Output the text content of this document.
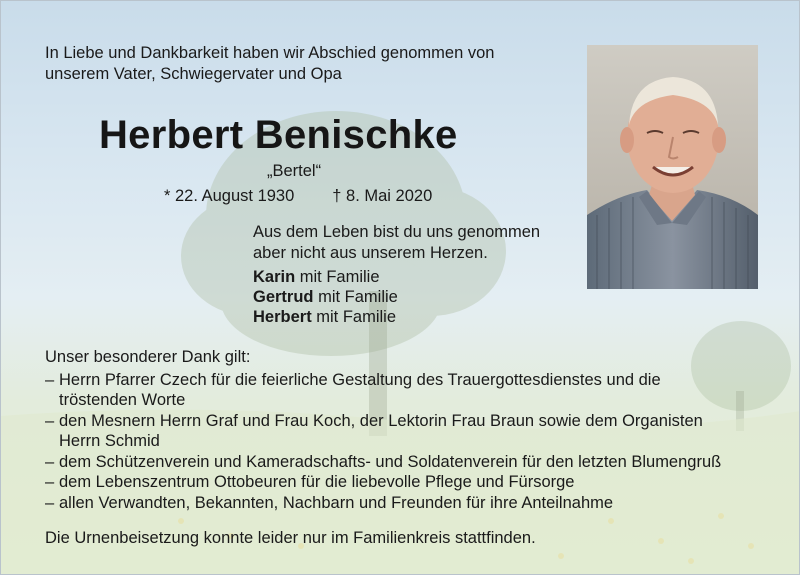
In Liebe und Dankbarkeit haben wir Abschied genommen von
unserem Vater, Schwiegervater und Opa
Herbert Benischke
„Bertel“
* 22. August 1930 † 8. Mai 2020
Aus dem Leben bist du uns genommen
aber nicht aus unserem Herzen.
Karin mit Familie
Gertrud mit Familie
Herbert mit Familie
Unser besonderer Dank gilt:
– Herrn Pfarrer Czech für die feierliche Gestaltung des Trauergottesdienstes und die
tröstenden Worte
– den Mesnern Herrn Graf und Frau Koch, der Lektorin Frau Braun sowie dem Organisten
Herrn Schmid
– dem Schützenverein und Kameradschafts- und Soldatenverein für den letzten Blumengruß
– dem Lebenszentrum Ottobeuren für die liebevolle Pflege und Fürsorge
– allen Verwandten, Bekannten, Nachbarn und Freunden für ihre Anteilnahme
Die Urnenbeisetzung konnte leider nur im Familienkreis stattfinden.
